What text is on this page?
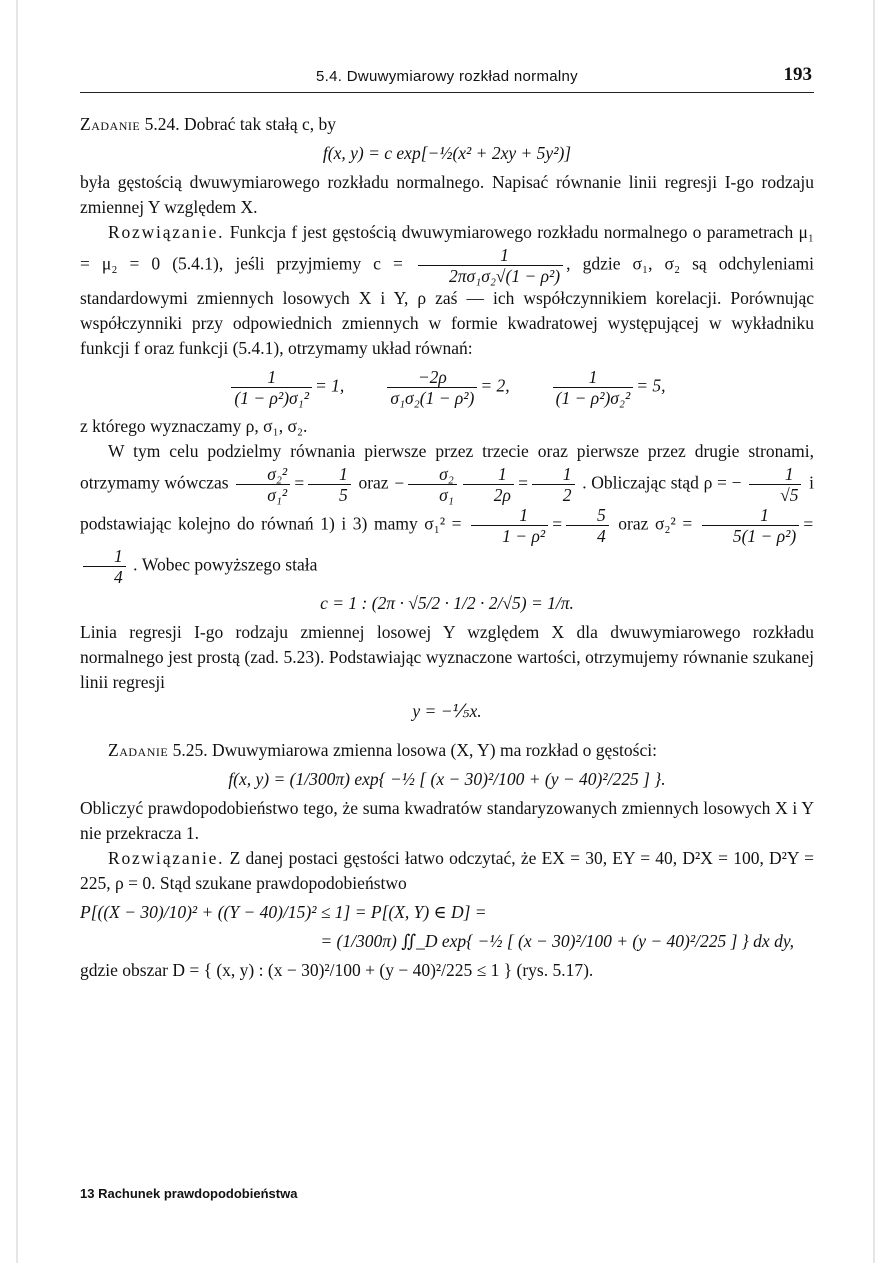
5.4. Dwuwymiarowy rozkład normalny	193

Zadanie 5.24. Dobrać tak stałą c, by

f(x, y) = c exp[−½(x² + 2xy + 5y²)]

była gęstością dwuwymiarowego rozkładu normalnego. Napisać równanie linii regresji I-go rodzaju zmiennej Y względem X.

Rozwiązanie. Funkcja f jest gęstością dwuwymiarowego rozkładu normalnego o parametrach μ₁ = μ₂ = 0 (5.4.1), jeśli przyjmiemy $c = \frac{1}{\text{2πσ₁σ₂√(1 − ρ²)}}$ , gdzie σ₁, σ₂ są odchyleniami standardowymi zmiennych losowych X i Y, ρ zaś — ich współczynnikiem korelacji. Porównując współczynniki przy odpowiednich zmiennych w formie kwadratowej występującej w wykładniku funkcji f oraz funkcji (5.4.1), otrzymamy układ równań:

$\frac{1}{\text{(1 − ρ²)σ₁²}} = 1$, $\frac{-2\rho}{\text{σ₁σ₂(1 − ρ²)}} = 2$, $\frac{1}{\text{(1 − ρ²)σ₂²}} = 5$,

z którego wyznaczamy ρ, σ₁, σ₂.

W tym celu podzielmy równania pierwsze przez trzecie oraz pierwsze przez drugie stronami, otrzymamy wówczas $\frac{\text{σ₂²}}{\text{σ₁²}} = \frac{1}{5}$ oraz − $\frac{\text{σ₂}}{\text{σ₁}} \frac{1}{2\rho} = \frac{1}{2}$ . Obliczając stąd ρ = − $\frac{1}{√5}$ i podstawiając kolejno do równań 1) i 3) mamy $\sigma_1^2 = \frac{1}{\text{1 − ρ²}} = \frac{5}{4}$ oraz $\sigma_2^2 = \frac{1}{\text{5(1 − ρ²)}}$ =
$\frac{1}{4}$ . Wobec powyższego stała

c = 1 : (2π · √5/2 · 1/2 · 2/√5) = 1/π.

Linia regresji I-go rodzaju zmiennej losowej Y względem X dla dwuwymiarowego rozkładu normalnego jest prostą (zad. 5.23). Podstawiając wyznaczone wartości, otrzymujemy równanie szukanej linii regresji

y = −⅕x.

Zadanie 5.25. Dwuwymiarowa zmienna losowa (X, Y) ma rozkład o gęstości:

f(x, y) = (1/300π) exp{ −½ [ (x − 30)²/100 + (y − 40)²/225 ] }.

Obliczyć prawdopodobieństwo tego, że suma kwadratów standaryzowanych zmiennych losowych X i Y nie przekracza 1.

Rozwiązanie. Z danej postaci gęstości łatwo odczytać, że EX = 30, EY = 40, D²X = 100, D²Y = 225, ρ = 0. Stąd szukane prawdopodobieństwo

P[((X − 30)/10)² + ((Y − 40)/15)² ≤ 1] = P[(X, Y) ∈ D] =
= (1/300π) ∬_D exp{ −½ [ (x − 30)²/100 + (y − 40)²/225 ] } dx dy,
gdzie obszar D = { (x, y) : (x − 30)²/100 + (y − 40)²/225 ≤ 1 } (rys. 5.17).
13 Rachunek prawdopodobieństwa
